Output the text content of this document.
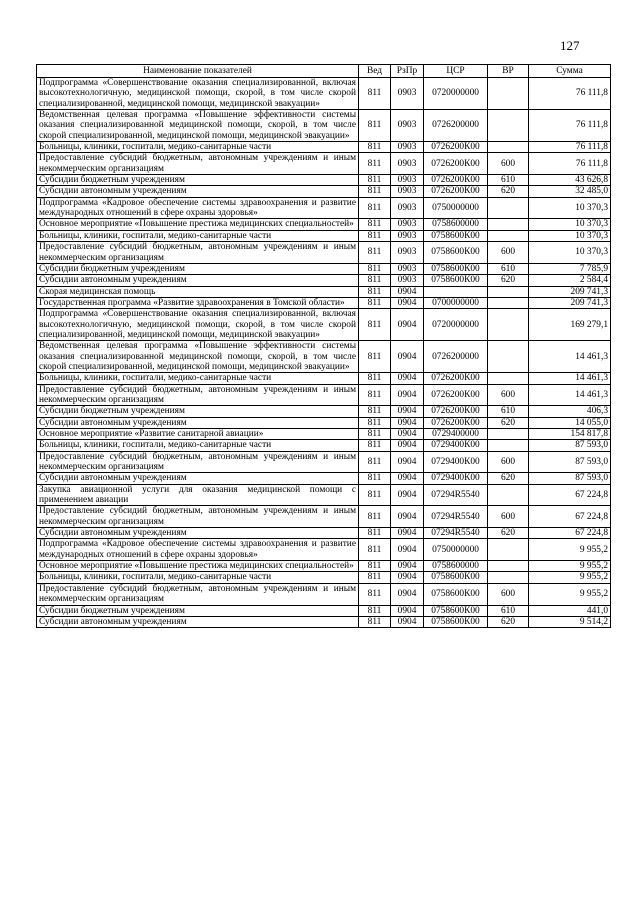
127
Наименование показателей	Вед	РзПр	ЦСР	ВР	Сумма
Подпрограмма «Совершенствование оказания специализированной, включая высокотехнологичную, медицинской помощи, скорой, в том числе скорой специализированной, медицинской помощи, медицинской эвакуации»	811	0903	0720000000		76 111,8
Ведомственная целевая программа «Повышение эффективности системы оказания специализированной медицинской помощи, скорой, в том числе скорой специализированной, медицинской помощи, медицинской эвакуации»	811	0903	0726200000		76 111,8
Больницы, клиники, госпитали, медико-санитарные части	811	0903	0726200К00		76 111,8
Предоставление субсидий бюджетным, автономным учреждениям и иным некоммерческим организациям	811	0903	0726200К00	600	76 111,8
Субсидии бюджетным учреждениям	811	0903	0726200К00	610	43 626,8
Субсидии автономным учреждениям	811	0903	0726200К00	620	32 485,0
Подпрограмма «Кадровое обеспечение системы здравоохранения и развитие международных отношений в сфере охраны здоровья»	811	0903	0750000000		10 370,3
Основное мероприятие «Повышение престижа медицинских специальностей»	811	0903	0758600000		10 370,3
Больницы, клиники, госпитали, медико-санитарные части	811	0903	0758600К00		10 370,3
Предоставление субсидий бюджетным, автономным учреждениям и иным некоммерческим организациям	811	0903	0758600К00	600	10 370,3
Субсидии бюджетным учреждениям	811	0903	0758600К00	610	7 785,9
Субсидии автономным учреждениям	811	0903	0758600К00	620	2 584,4
Скорая медицинская помощь	811	0904			209 741,3
Государственная программа «Развитие здравоохранения в Томской области»	811	0904	0700000000		209 741,3
Подпрограмма «Совершенствование оказания специализированной, включая высокотехнологичную, медицинской помощи, скорой, в том числе скорой специализированной, медицинской помощи, медицинской эвакуации»	811	0904	0720000000		169 279,1
Ведомственная целевая программа «Повышение эффективности системы оказания специализированной медицинской помощи, скорой, в том числе скорой специализированной, медицинской помощи, медицинской эвакуации»	811	0904	0726200000		14 461,3
Больницы, клиники, госпитали, медико-санитарные части	811	0904	0726200К00		14 461,3
Предоставление субсидий бюджетным, автономным учреждениям и иным некоммерческим организациям	811	0904	0726200К00	600	14 461,3
Субсидии бюджетным учреждениям	811	0904	0726200К00	610	406,3
Субсидии автономным учреждениям	811	0904	0726200К00	620	14 055,0
Основное мероприятие «Развитие санитарной авиации»	811	0904	0729400000		154 817,8
Больницы, клиники, госпитали, медико-санитарные части	811	0904	0729400К00		87 593,0
Предоставление субсидий бюджетным, автономным учреждениям и иным некоммерческим организациям	811	0904	0729400К00	600	87 593,0
Субсидии автономным учреждениям	811	0904	0729400К00	620	87 593,0
Закупка авиационной услуги для оказания медицинской помощи с применением авиации	811	0904	07294R5540		67 224,8
Предоставление субсидий бюджетным, автономным учреждениям и иным некоммерческим организациям	811	0904	07294R5540	600	67 224,8
Субсидии автономным учреждениям	811	0904	07294R5540	620	67 224,8
Подпрограмма «Кадровое обеспечение системы здравоохранения и развитие международных отношений в сфере охраны здоровья»	811	0904	0750000000		9 955,2
Основное мероприятие «Повышение престижа медицинских специальностей»	811	0904	0758600000		9 955,2
Больницы, клиники, госпитали, медико-санитарные части	811	0904	0758600К00		9 955,2
Предоставление субсидий бюджетным, автономным учреждениям и иным некоммерческим организациям	811	0904	0758600К00	600	9 955,2
Субсидии бюджетным учреждениям	811	0904	0758600К00	610	441,0
Субсидии автономным учреждениям	811	0904	0758600К00	620	9 514,2
